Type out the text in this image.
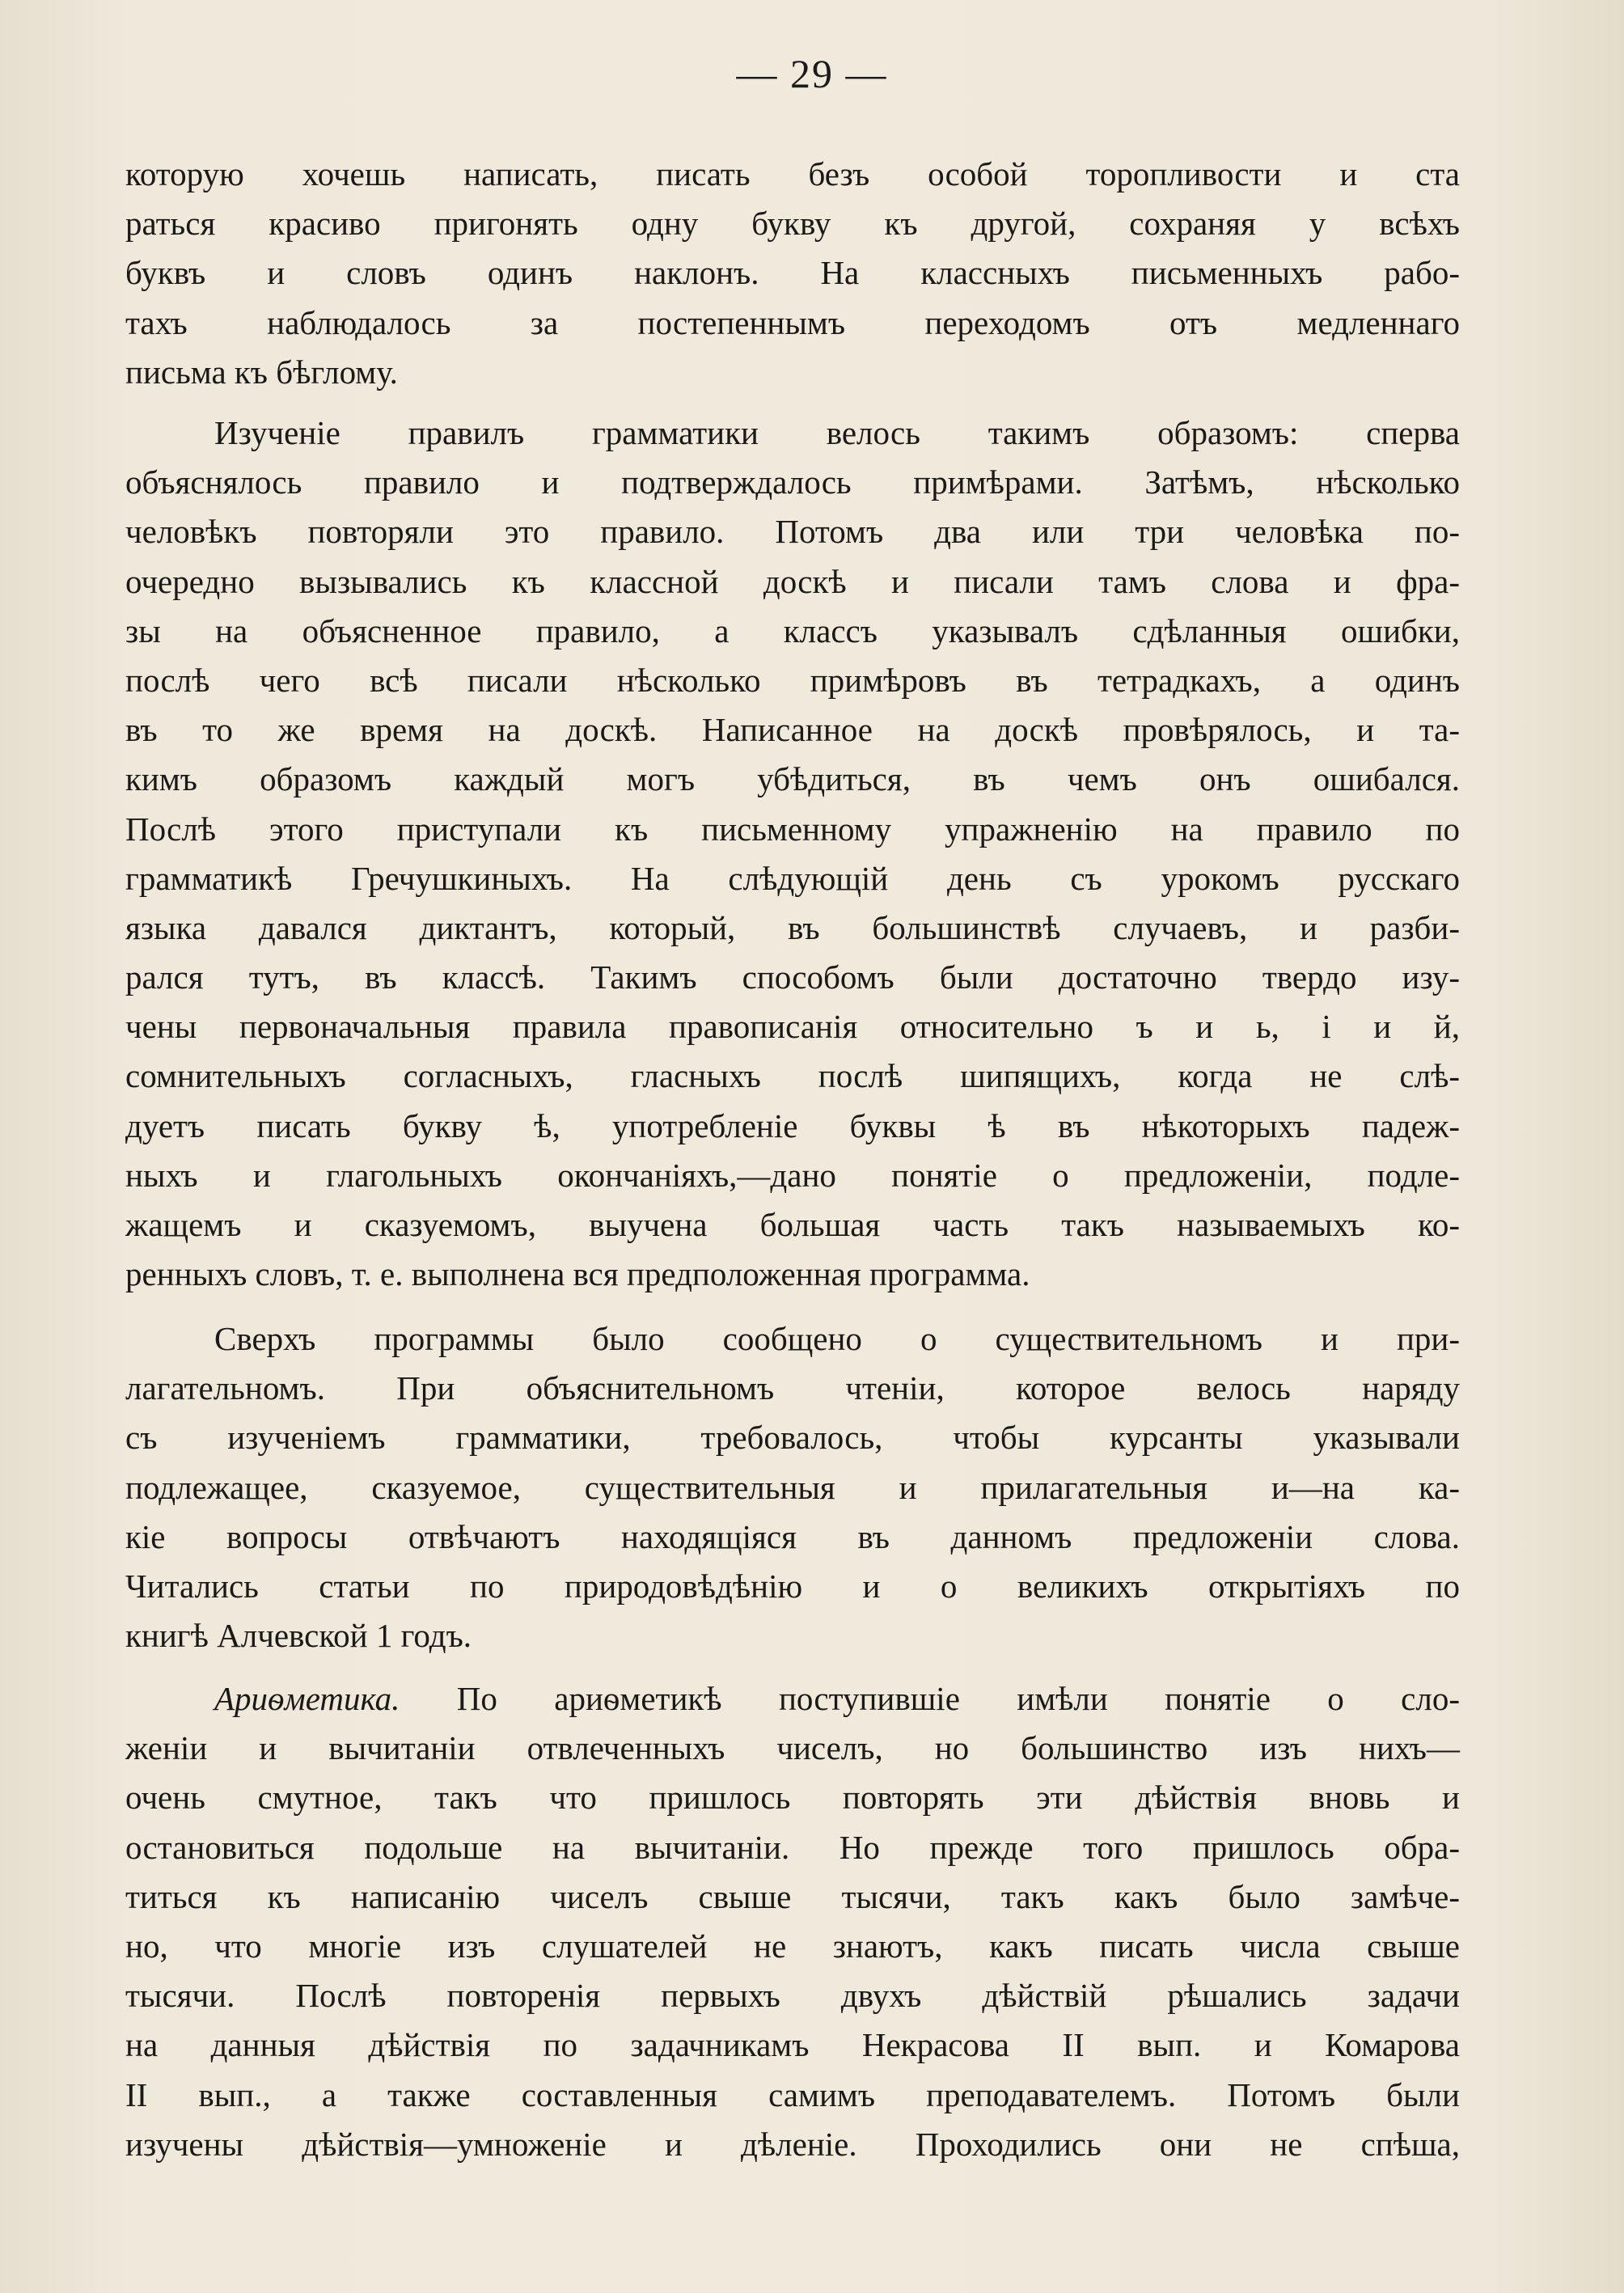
— 29 —
которую хочешь написать, писать безъ особой торопливости и ста
раться красиво пригонять одну букву къ другой, сохраняя у всѣхъ
буквъ и словъ одинъ наклонъ. На классныхъ письменныхъ рабо-
тахъ наблюдалось за постепеннымъ переходомъ отъ медленнаго
письма къ бѣглому.
Изученіе правилъ грамматики велось такимъ образомъ: сперва
объяснялось правило и подтверждалось примѣрами. Затѣмъ, нѣсколько
человѣкъ повторяли это правило. Потомъ два или три человѣка по-
очередно вызывались къ классной доскѣ и писали тамъ слова и фра-
зы на объясненное правило, а классъ указывалъ сдѣланныя ошибки,
послѣ чего всѣ писали нѣсколько примѣровъ въ тетрадкахъ, а одинъ
въ то же время на доскѣ. Написанное на доскѣ провѣрялось, и та-
кимъ образомъ каждый могъ убѣдиться, въ чемъ онъ ошибался.
Послѣ этого приступали къ письменному упражненію на правило по
грамматикѣ Гречушкиныхъ. На слѣдующій день съ урокомъ русскаго
языка давался диктантъ, который, въ большинствѣ случаевъ, и разби-
рался тутъ, въ классѣ. Такимъ способомъ были достаточно твердо изу-
чены первоначальныя правила правописанія относительно ъ и ь, і и й,
сомнительныхъ согласныхъ, гласныхъ послѣ шипящихъ, когда не слѣ-
дуетъ писать букву ѣ, употребленіе буквы ѣ въ нѣкоторыхъ падеж-
ныхъ и глагольныхъ окончаніяхъ,—дано понятіе о предложеніи, подле-
жащемъ и сказуемомъ, выучена большая часть такъ называемыхъ ко-
ренныхъ словъ, т. е. выполнена вся предположенная программа.
Сверхъ программы было сообщено о существительномъ и при-
лагательномъ. При объяснительномъ чтеніи, которое велось наряду
съ изученіемъ грамматики, требовалось, чтобы курсанты указывали
подлежащее, сказуемое, существительныя и прилагательныя и—на ка-
кіе вопросы отвѣчаютъ находящіяся въ данномъ предложеніи слова.
Читались статьи по природовѣдѣнію и о великихъ открытіяхъ по
книгѣ Алчевской 1 годъ.
Ариѳметика. По ариѳметикѣ поступившіе имѣли понятіе о сло-
женіи и вычитаніи отвлеченныхъ чиселъ, но большинство изъ нихъ—
очень смутное, такъ что пришлось повторять эти дѣйствія вновь и
остановиться подольше на вычитаніи. Но прежде того пришлось обра-
титься къ написанію чиселъ свыше тысячи, такъ какъ было замѣче-
но, что многіе изъ слушателей не знаютъ, какъ писать числа свыше
тысячи. Послѣ повторенія первыхъ двухъ дѣйствій рѣшались задачи
на данныя дѣйствія по задачникамъ Некрасова II вып. и Комарова
II вып., а также составленныя самимъ преподавателемъ. Потомъ были
изучены дѣйствія—умноженіе и дѣленіе. Проходились они не спѣша,
